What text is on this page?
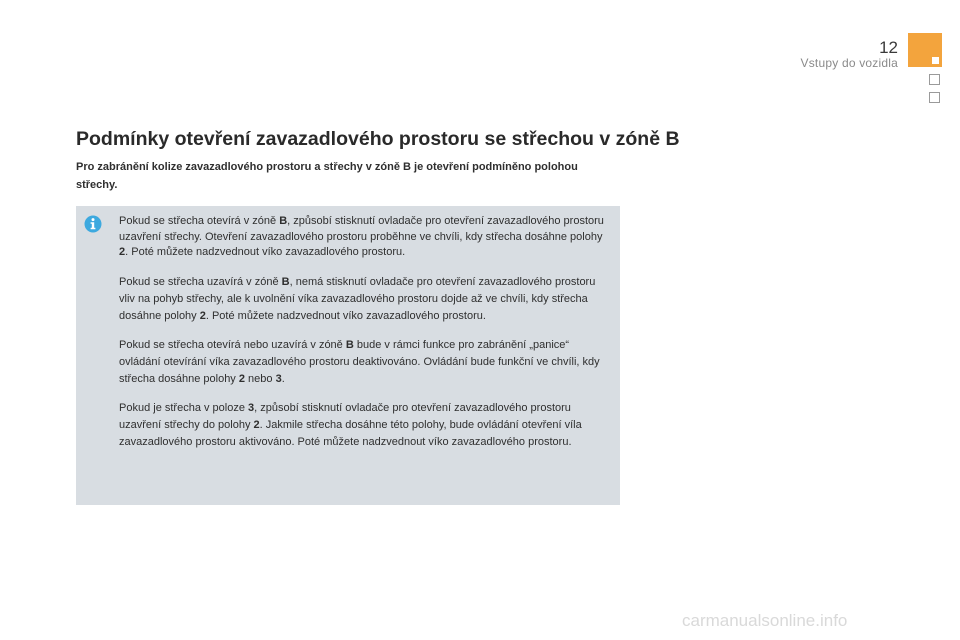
12
Vstupy do vozidla
Podmínky otevření zavazadlového prostoru se střechou v zóně B

Pro zabránění kolize zavazadlového prostoru a střechy v zóně B je otevření podmíněno polohou střechy.

Pokud se střecha otevírá v zóně B, způsobí stisknutí ovladače pro otevření zavazadlového prostoru uzavření střechy. Otevření zavazadlového prostoru proběhne ve chvíli, kdy střecha dosáhne polohy 2. Poté můžete nadzvednout víko zavazadlového prostoru.

Pokud se střecha uzavírá v zóně B, nemá stisknutí ovladače pro otevření zavazadlového prostoru vliv na pohyb střechy, ale k uvolnění víka zavazadlového prostoru dojde až ve chvíli, kdy střecha dosáhne polohy 2. Poté můžete nadzvednout víko zavazadlového prostoru.

Pokud se střecha otevírá nebo uzavírá v zóně B bude v rámci funkce pro zabránění „panice“ ovládání otevírání víka zavazadlového prostoru deaktivováno. Ovládání bude funkční ve chvíli, kdy střecha dosáhne polohy 2 nebo 3.

Pokud je střecha v poloze 3, způsobí stisknutí ovladače pro otevření zavazadlového prostoru uzavření střechy do polohy 2. Jakmile střecha dosáhne této polohy, bude ovládání otevření víla zavazadlového prostoru aktivováno. Poté můžete nadzvednout víko zavazadlového prostoru.

carmanualsonline.info
